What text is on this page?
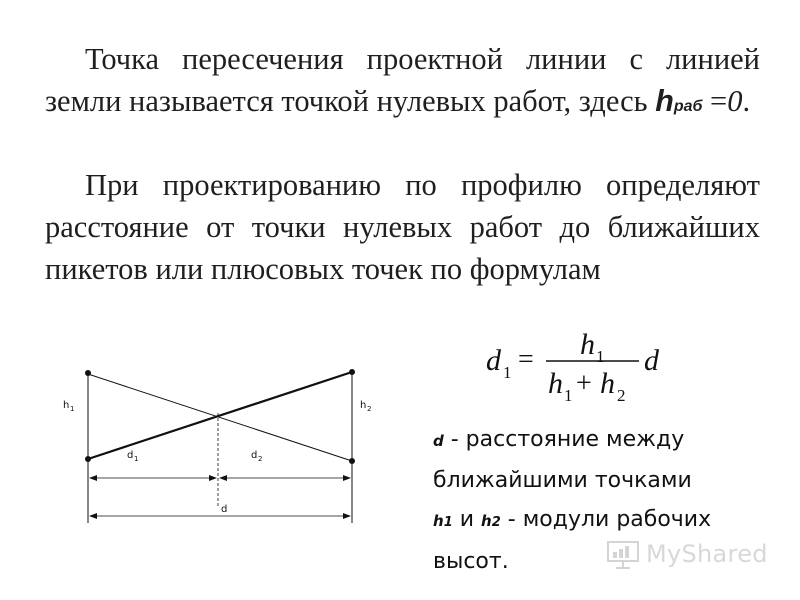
Точка пересечения проектной линии с линией земли называется точкой нулевых работ, здесь hраб =0.

При проектированию по профилю определяют расстояние от точки нулевых работ до ближайших пикетов или плюсовых точек по формулам

d 1 = h 1
h 1 + h 2
d
h 1	h 2
d 1	d 2
d
d - расстояние между ближайшими точками
h1 и h2 - модули рабочих высот.	MyShared
